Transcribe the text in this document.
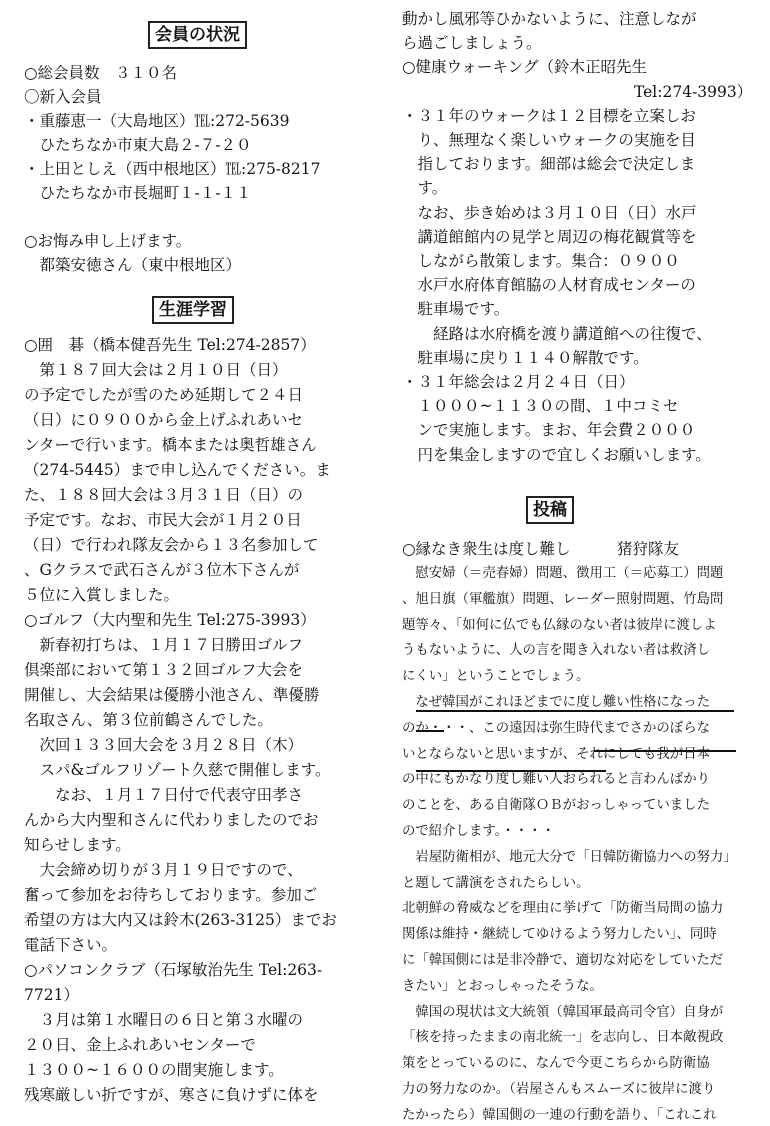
会員の状況
○総会員数　３１０名
〇新入会員
・重藤恵一（大島地区）℡:272-5639
　ひたちなか市東大島２-７-２０
・上田としえ（西中根地区）℡:275-8217
　ひたちなか市長堀町１-１-１１
○お悔み申し上げます。
　都築安徳さん（東中根地区）
生涯学習
○囲　碁（橋本健吾先生 Tel:274-2857）
　第１８７回大会は２月１０日（日）
の予定でしたが雪のため延期して２４日
（日）に０９００から金上げふれあいセ
ンターで行います。橋本または奥哲雄さん
（274-5445）まで申し込んでください。ま
た、１８８回大会は３月３１日（日）の
予定です。なお、市民大会が１月２０日
（日）で行われ隊友会から１３名参加して
、Gクラスで武石さんが３位木下さんが
５位に入賞しました。
○ゴルフ（大内聖和先生 Tel:275-3993）
　新春初打ちは、１月１７日勝田ゴルフ
倶楽部において第１３２回ゴルフ大会を
開催し、大会結果は優勝小池さん、準優勝
名取さん、第３位前鶴さんでした。
　次回１３３回大会を３月２８日（木）
　スパ&ゴルフリゾート久慈で開催します。
　　なお、１月１７日付で代表守田孝さ
んから大内聖和さんに代わりましたのでお
知らせします。
　大会締め切りが３月１９日ですので、
奮って参加をお待ちしております。参加ご
希望の方は大内又は鈴木(263-3125）までお
電話下さい。
○パソコンクラブ（石塚敏治先生 Tel:263-
7721）
　３月は第１水曜日の６日と第３水曜の
２０日、金上ふれあいセンターで
１３００~１６００の間実施します。
残寒厳しい折ですが、寒さに負けずに体を
動かし風邪等ひかないように、注意しなが
ら過ごしましょう。
○健康ウォーキング（鈴木正昭先生
Tel:274-3993）
・３１年のウォークは１２目標を立案しお
　り、無理なく楽しいウォークの実施を目
　指しております。細部は総会で決定しま
　す。
　なお、歩き始めは３月１０日（日）水戸
　講道館館内の見学と周辺の梅花観賞等を
　しながら散策します。集合：０９００
　水戸水府体育館脇の人材育成センターの
　駐車場です。
　　経路は水府橋を渡り講道館への往復で、
　駐車場に戻り１１４０解散です。
・３１年総会は２月２４日（日）
　１０００~１１３０の間、１中コミセ
　ンで実施します。まお、年会費２０００
　円を集金しますので宜しくお願いします。
投稿
○縁なき衆生は度し難し　　　猪狩隊友
　慰安婦（＝売春婦）問題、徴用工（＝応募工）問題
、旭日旗（軍艦旗）問題、レーダー照射問題、竹島問
題等々、「如何に仏でも仏縁のない者は彼岸に渡しよ
うもないように、人の言を聞き入れない者は救済し
にくい」ということでしょう。
　なぜ韓国がこれほどまでに度し難い性格になった
のか・・・、この遠因は弥生時代までさかのぼらな
いとならないと思いますが、それにしても我が日本
の中にもかなり度し難い人おられると言わんばかり
のことを、ある自衛隊ＯＢがおっしゃっていました
ので紹介します。・・・・
　岩屋防衛相が、地元大分で「日韓防衛協力への努力」
と題して講演をされたらしい。
北朝鮮の脅威などを理由に挙げて「防衛当局間の協力
関係は維持・継続してゆけるよう努力したい」、同時
に「韓国側には是非冷静で、適切な対応をしていただ
きたい」とおっしゃったそうな。
　韓国の現状は文大統領（韓国軍最高司令官）自身が
「核を持ったままの南北統一」を志向し、日本敵視政
策をとっているのに、なんで今更こちらから防衛協
力の努力なのか。（岩屋さんもスムーズに彼岸に渡り
たかったら）韓国側の一連の行動を語り、「これこれ
